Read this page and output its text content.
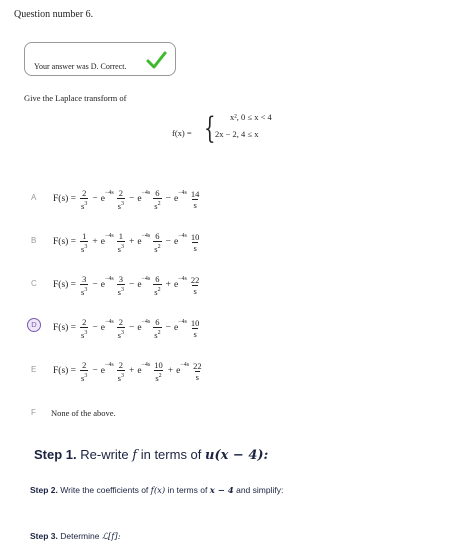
Question number 6.
Your answer was D. Correct.
Give the Laplace transform of
f(x) = { x², 0 ≤ x < 4
2x − 2, 4 ≤ x
A $F(s) = \frac{2}{s^3} - e$
$-4s \frac{2}{s^3} - e$
$-4s \frac{6}{s^2} - e$
$-4s \frac{14}{s}$
B $F(s) = \frac{1}{s^3} + e$
$-4s \frac{1}{s^3} + e$
$-4s \frac{6}{s^2} - e$
$-4s \frac{10}{s}$
C $F(s) = \frac{3}{s^3} - e$
$-4s \frac{3}{s^3} - e$
$-4s \frac{6}{s^2} + e$
$-4s \frac{22}{s}$
D	$F(s) = \frac{2}{s^3} - e$
$-4s \frac{2}{s^3} - e$
$-4s \frac{6}{s^2} - e$
$-4s \frac{10}{s}$
E $F(s) = \frac{2}{s^3} - e$
$-4s \frac{2}{s^3} + e$
$-4s \frac{10}{s^2} + e$
$-4s \frac{22}{s}$
F None of the above.
Step 1. Re-write f in terms of u(x − 4):
Step 2. Write the coefficients of f(x) in terms of x − 4 and simplify:
Step 3. Determine ℒ[f]:
